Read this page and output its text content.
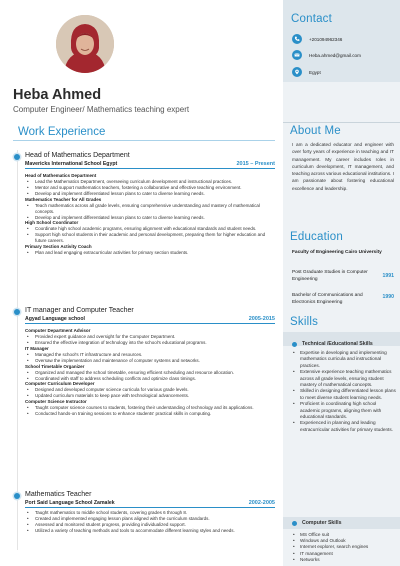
Contact
+201094962346
Heba.ahmed@gmail.com
Egypt
About Me
I am a dedicated educator and engineer with over forty years of experience in teaching and IT management. My career includes roles in curriculum development, IT management, and teaching across various educational institutions. I am passionate about fostering educational excellence and leadership.
Education
Faculty of Engineering Cairo University
Post Graduate Studies in Computer Engineering
1991
Bachelor of Communications and Electronics Engineering
1990
Skills
Technical /Educational Skills
• Expertise in developing and implementing mathematics curricula and instructional practices.
• Extensive experience teaching mathematics across all grade levels, ensuring student mastery of mathematical concepts.
• Skilled in designing differentiated lesson plans to meet diverse student learning needs.
• Proficient in coordinating high school academic programs, aligning them with educational standards.
• Experienced in planning and leading extracurricular activities for primary students.
Computer Skills
• MS Office suit
• Windows and Outlook
• Internet explorer, search engines
• IT management
• Networks
Heba Ahmed
Computer Engineer/ Mathematics teaching expert
Work Experience
Head of Mathematics Department
Mavericks International School Egypt	2015 – Present
Head of Mathematics Department
• Lead the Mathematics Department, overseeing curriculum development and instructional practices.
• Mentor and support mathematics teachers, fostering a collaborative and effective teaching environment.
• Develop and implement differentiated lesson plans to cater to diverse learning needs.
Mathematics Teacher for All Grades
• Teach mathematics across all grade levels, ensuring comprehensive understanding and mastery of mathematical concepts.
• Develop and implement differentiated lesson plans to cater to diverse learning needs.
High School Coordinator
• Coordinate high school academic programs, ensuring alignment with educational standards and student needs.
• Support high school students in their academic and personal development, preparing them for higher education and future careers.
Primary Section Activity Coach
• Plan and lead engaging extracurricular activities for primary section students.
IT manager and Computer Teacher
Agyad Language school	2005-2015
Computer Department Advisor
• Provided expert guidance and oversight for the Computer Department.
• Ensured the effective integration of technology into the school's educational programs.
IT Manager
• Managed the school's IT infrastructure and resources.
• Oversaw the implementation and maintenance of computer systems and networks.
School Timetable Organizer
• Organized and managed the school timetable, ensuring efficient scheduling and resource allocation.
• Coordinated with staff to address scheduling conflicts and optimize class timings.
Computer Curriculum Developer
• Designed and developed computer science curricula for various grade levels.
• Updated curriculum materials to keep pace with technological advancements.
Computer Science Instructor
• Taught computer science courses to students, fostering their understanding of technology and its applications.
• Conducted hands-on training sessions to enhance students' practical skills in computing.
Mathematics Teacher
Port Said Language School Zamalek	2002-2005
• Taught mathematics to middle school students, covering grades 6 through 8.
• Created and implemented engaging lesson plans aligned with the curriculum standards.
• Assessed and monitored student progress, providing individualized support.
• Utilized a variety of teaching methods and tools to accommodate different learning styles and needs.
